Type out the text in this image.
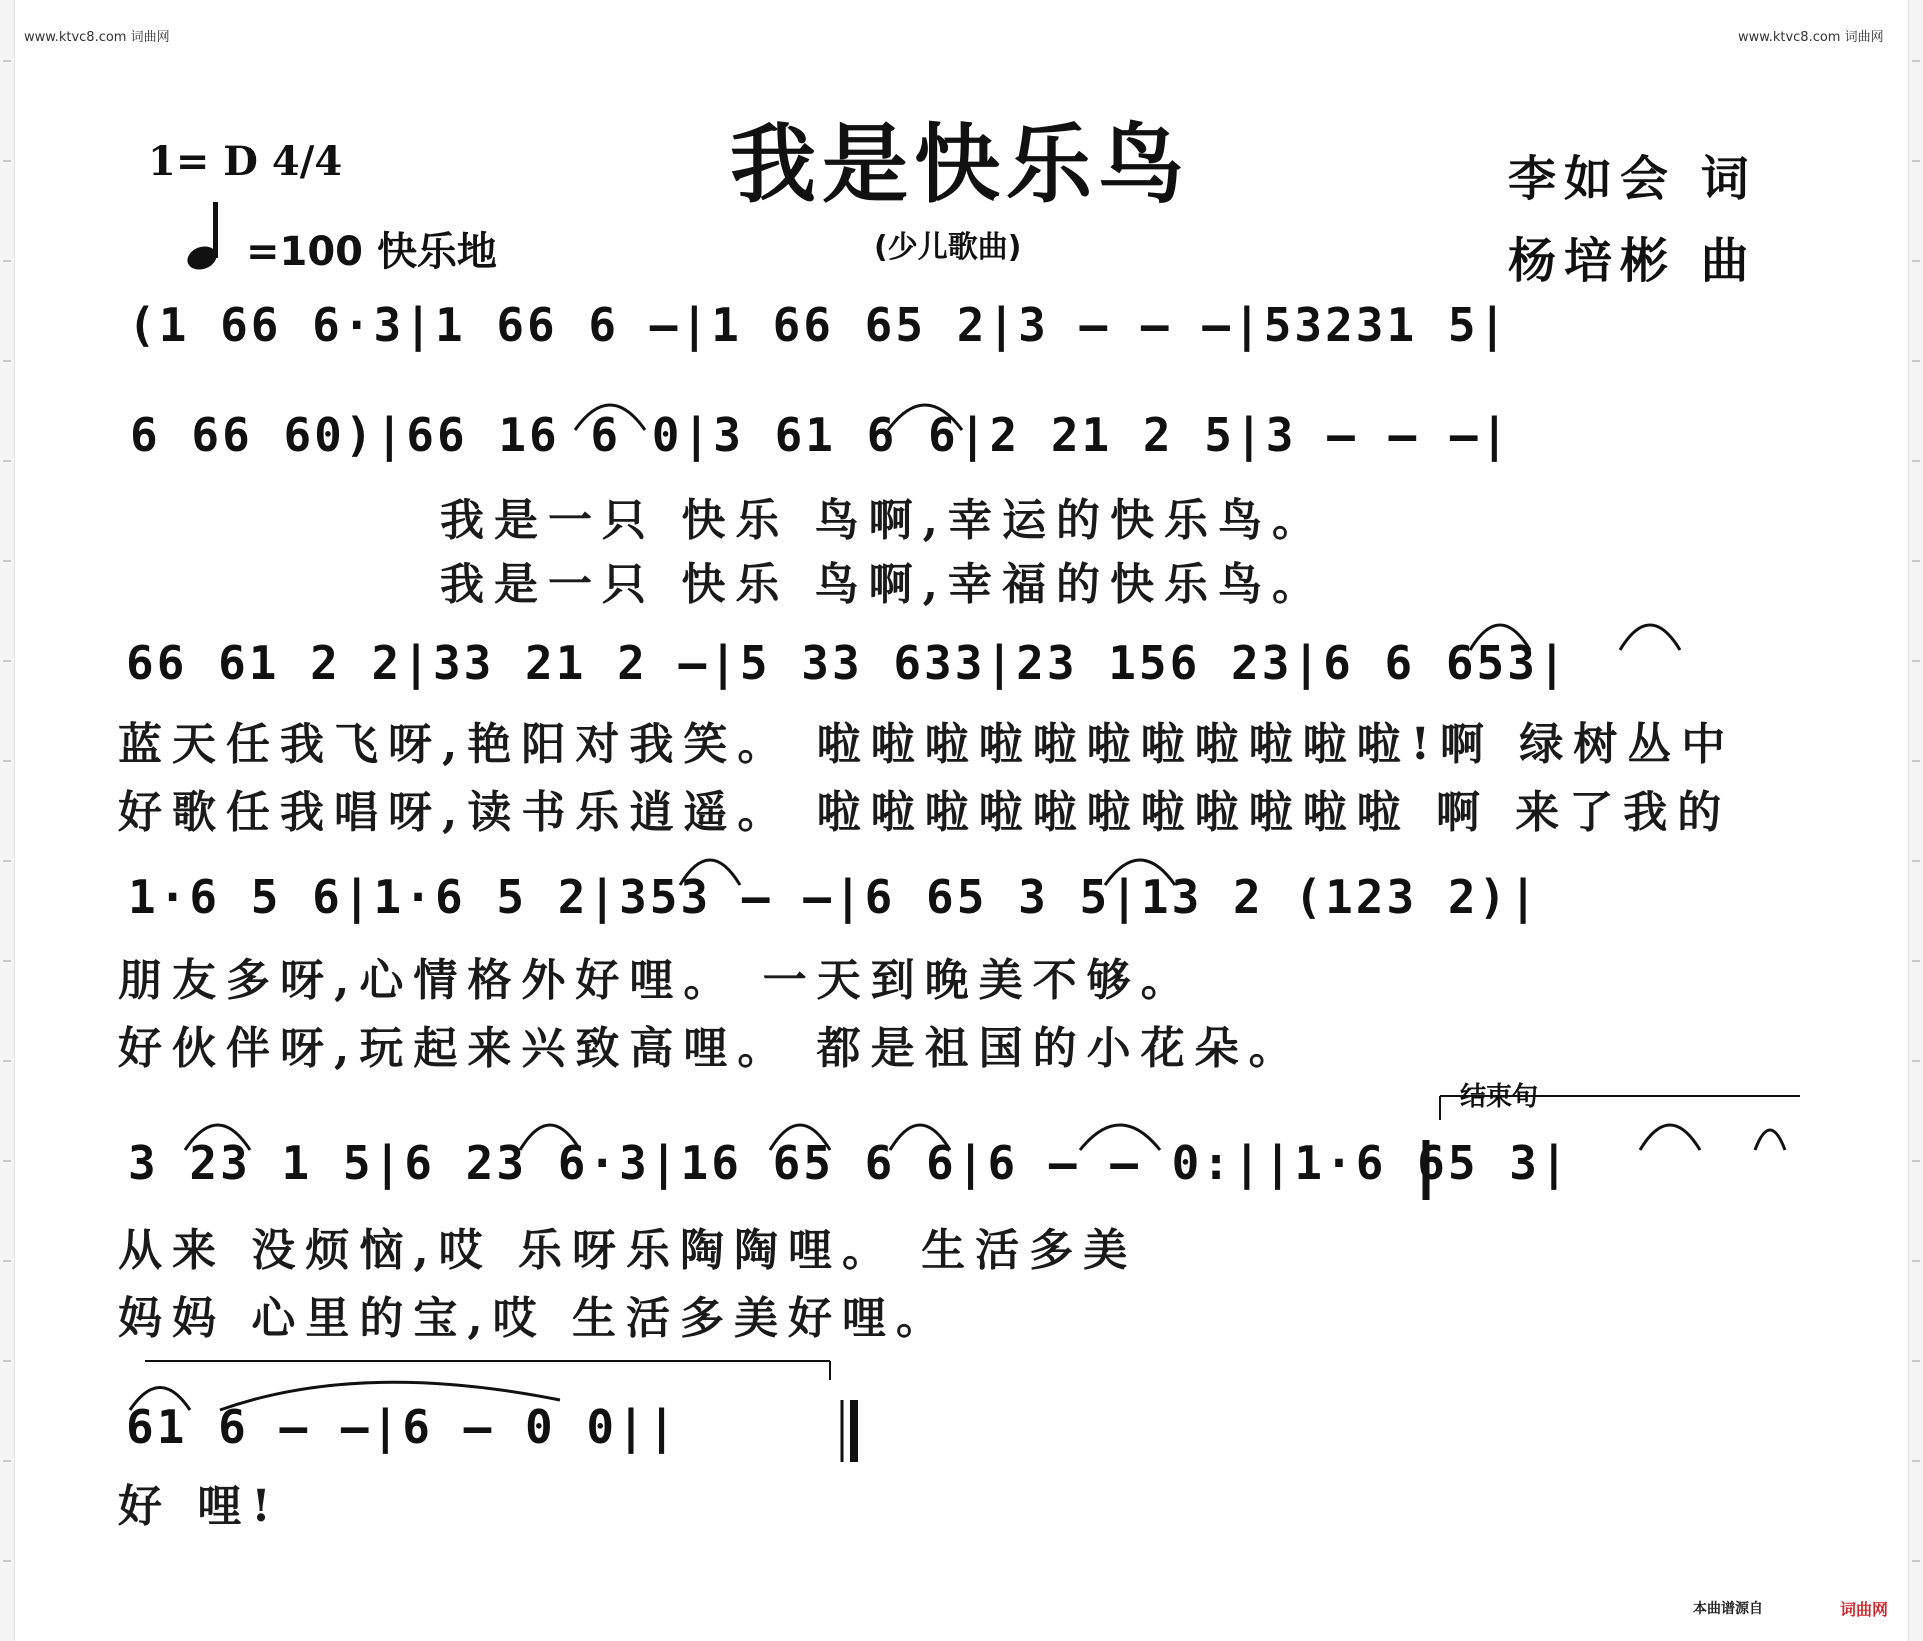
www.ktvc8.com 词曲网	www.ktvc8.com 词曲网
1= D 4/4	我是快乐鸟	李如会 词
=100 快乐地	(少儿歌曲)	杨培彬 曲
(1 66 6·3|1 66 6 —|1 66 65 2|3 — — —|53231 5|
6 66 60)|66 16 6 0|3 61 6 6|2 21 2 5|3 — — —|
我是一只 快乐 鸟啊,幸运的快乐鸟。
我是一只 快乐 鸟啊,幸福的快乐鸟。
66 61 2 2|33 21 2 —|5 33 633|23 156 23|6 6 653|
蓝天任我飞呀,艳阳对我笑。 啦啦啦啦啦啦啦啦啦啦啦!啊 绿树丛中
好歌任我唱呀,读书乐逍遥。 啦啦啦啦啦啦啦啦啦啦啦 啊 来了我的
1·6 5 6|1·6 5 2|353 — —|6 65 3 5|13 2 (123 2)|
朋友多呀,心情格外好哩。 一天到晚美不够。
好伙伴呀,玩起来兴致高哩。 都是祖国的小花朵。
结束句
3 23 1 5|6 23 6·3|16 65 6 6|6 — — 0:||1·6 65 3|
从来 没烦恼,哎 乐呀乐陶陶哩。 生活多美
妈妈 心里的宝,哎 生活多美好哩。
61 6 — —|6 — 0 0||
好 哩!
本曲谱源自	词曲网
